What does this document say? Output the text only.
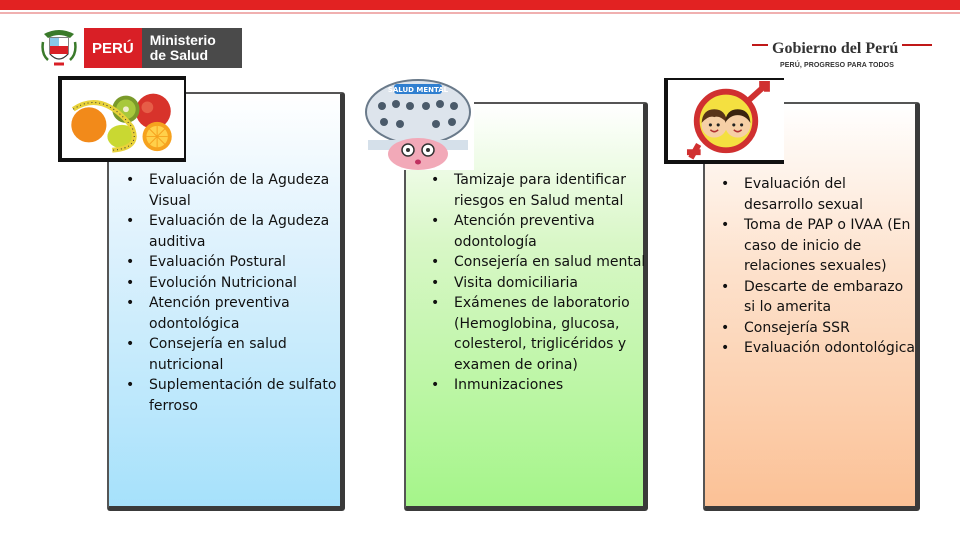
PERÚ	Ministerio
de Salud	Gobierno del Perú
PERÚ, PROGRESO PARA TODOS
• Evaluación de la Agudeza Visual
• Evaluación de la Agudeza auditiva
• Evaluación Postural
• Evolución Nutricional
• Atención preventiva odontológica
• Consejería en salud nutricional
• Suplementación de sulfato ferroso
• Tamizaje para identificar riesgos en Salud mental
• Atención preventiva odontología
• Consejería en salud mental
• Visita domiciliaria
• Exámenes de laboratorio (Hemoglobina, glucosa, colesterol, triglicéridos y examen de orina)
• Inmunizaciones
• Evaluación del desarrollo sexual
• Toma de PAP o IVAA (En caso de inicio de relaciones sexuales)
• Descarte de embarazo si lo amerita
• Consejería SSR
• Evaluación odontológica
SALUD MENTAL
